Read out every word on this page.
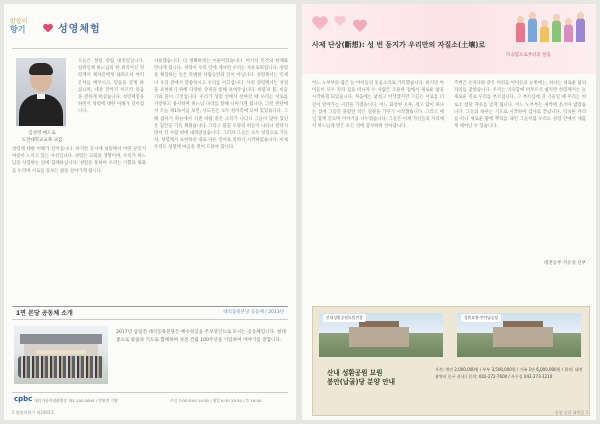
말씀의
향기	성영체험
김성영 베드로
도란대학교교목 교갑

오늘은 성령 강림 대축일입니다. 삼위일체 하느님의 한 위격이신 성령께서 제자들에게 내려오셔 여러 은사를 베푸시고, 믿음을 굳게 하셨으며, 세상 끝까지 이르러 복음을 전하게 하셨습니다. 성령체험을 하면서 성령에 대한 이해가 깊어집니다.

성령께 대한 이해가 깊어집니다. 하지만 동시에 성령께서 어떤 분인지 여럿이 느끼고 있는 사실입니다. 성령은 교회의 생명이며, 우리가 하느님을 사랑하는 일에 함께하십니다. 성령을 통하여 우리는 기쁨과 평화를 누리며 서로를 돌보는 삶을 살아가게 됩니다.

사용했습니다. 더 정확하게는 이순이었습니다. 여기서 인간의 한계와 만나게 됩니다. 성령이 우리 안에 계시면 우리는 자유로워집니다. 성령을 체험하는 일은 특별한 사람들만의 일이 아닙니다. 성령께서는 언제나 우리 곁에서 말씀하시고 우리를 이끄십니다. 사실 성령께서는 성경을 표현하기 위해 다양한 상징을 통해 보여주십니다. 바람과 불, 비둘기와 물이 그것입니다. 우리가 성령 안에서 살아갈 때 우리는 서로를 사랑하고 용서하며 하느님 나라를 향해 나아가게 됩니다. 그런 판단에서 오늘 제1독서를 보면, 사도들은 모두 한자리에 모여 있었습니다. 그때 갑자기 하늘에서 거센 바람 같은 소리가 나더니 그들이 앉아 있던 온 집안을 가득 채웠습니다. 그리고 불꽃 모양의 혀들이 나타나 갈라지면서 각 사람 위에 내려앉았습니다. 그러자 그들은 모두 성령으로 가득 차, 성령께서 표현하신 대로 다른 언어로 말하기 시작하였습니다. 이제 우리도 성령께 마음을 열어 드려야 합니다.

1면 본당 공동체 소개	대리동북본당 공동체 / 2013년

2017년 삼일전 대리동북분당은 예수성심을 주보성인으로 모시는 공동체입니다. 현대종으로 말씀과 기도로 함께하며 성전 건립 100주년을 기념하여 이야기를 전합니다.

cpbc 대리가톨릭평화방송 TEL 100-3844 / 만원의 기쁨	주일 7:00 8:00 10:30 / 평일 6:30 19:30 / 토 16:00
2 말씀의향기 제2003호
사제 단상(斷想): 성 번 동지가 우리만의 자질소(土壤)로
익숙함으로부터의 탈출

어느 노부부의 집은 늘 아이들의 웃음소리로 가득했습니다. 하지만 아이들이 모두 자라 집을 떠나자 두 사람은 조용한 집에서 새로운 삶을 시작하게 되었습니다. 처음에는 낯설고 어색했지만 그들은 서로를 더 깊이 알아가는 시간을 가졌습니다. 어느 화창한 오후, 세고 얇이 하나는 집에 그동안 몰랐던 작은 정원을 가꾸기 시작했습니다. 그리고 매일 함께 걸으며 이야기를 나누었습니다. 그들은 이제 자신들의 자리에서 하느님께 받은 모든 것에 감사하며 살아갑니다.

주변은 손자다와 같은 어려움 아이들의 눈빛에는, 하나는 새로운 삶의 자리를 찾았습니다. 우리는 익숙함에 머무르기 쉽지만 성령께서는 늘 새로운 길로 우리를 부르십니다. 그 부르심에 귀 기울일 때 우리는 비로소 참된 자유를 얻게 됩니다. 어느 노부부는 새벽에 옷소아 얇았습니다. 그들의 하루는 기도로 시작하여 감사로 끝납니다. 익숙한 자리를 떠나 새로운 땅에 뿌리를 내린 그들처럼 우리도 성령 안에서 새롭게 태어날 수 있습니다.

대전동부 지유성 신부
산내성환공원묘원전경	성환묘원·봉안납골당
산내 성환공원 묘원
봉안(납골)당 분양 안내

가격: 개인 2,000,000원 / 부부 3,500,000원 / 가족 1단 6,000,000원 / 위치: 대전광역시 동구 산내 / 문의: 042-272-7600 / 사무실 042-273-1210

성령 강림 대축일 3
